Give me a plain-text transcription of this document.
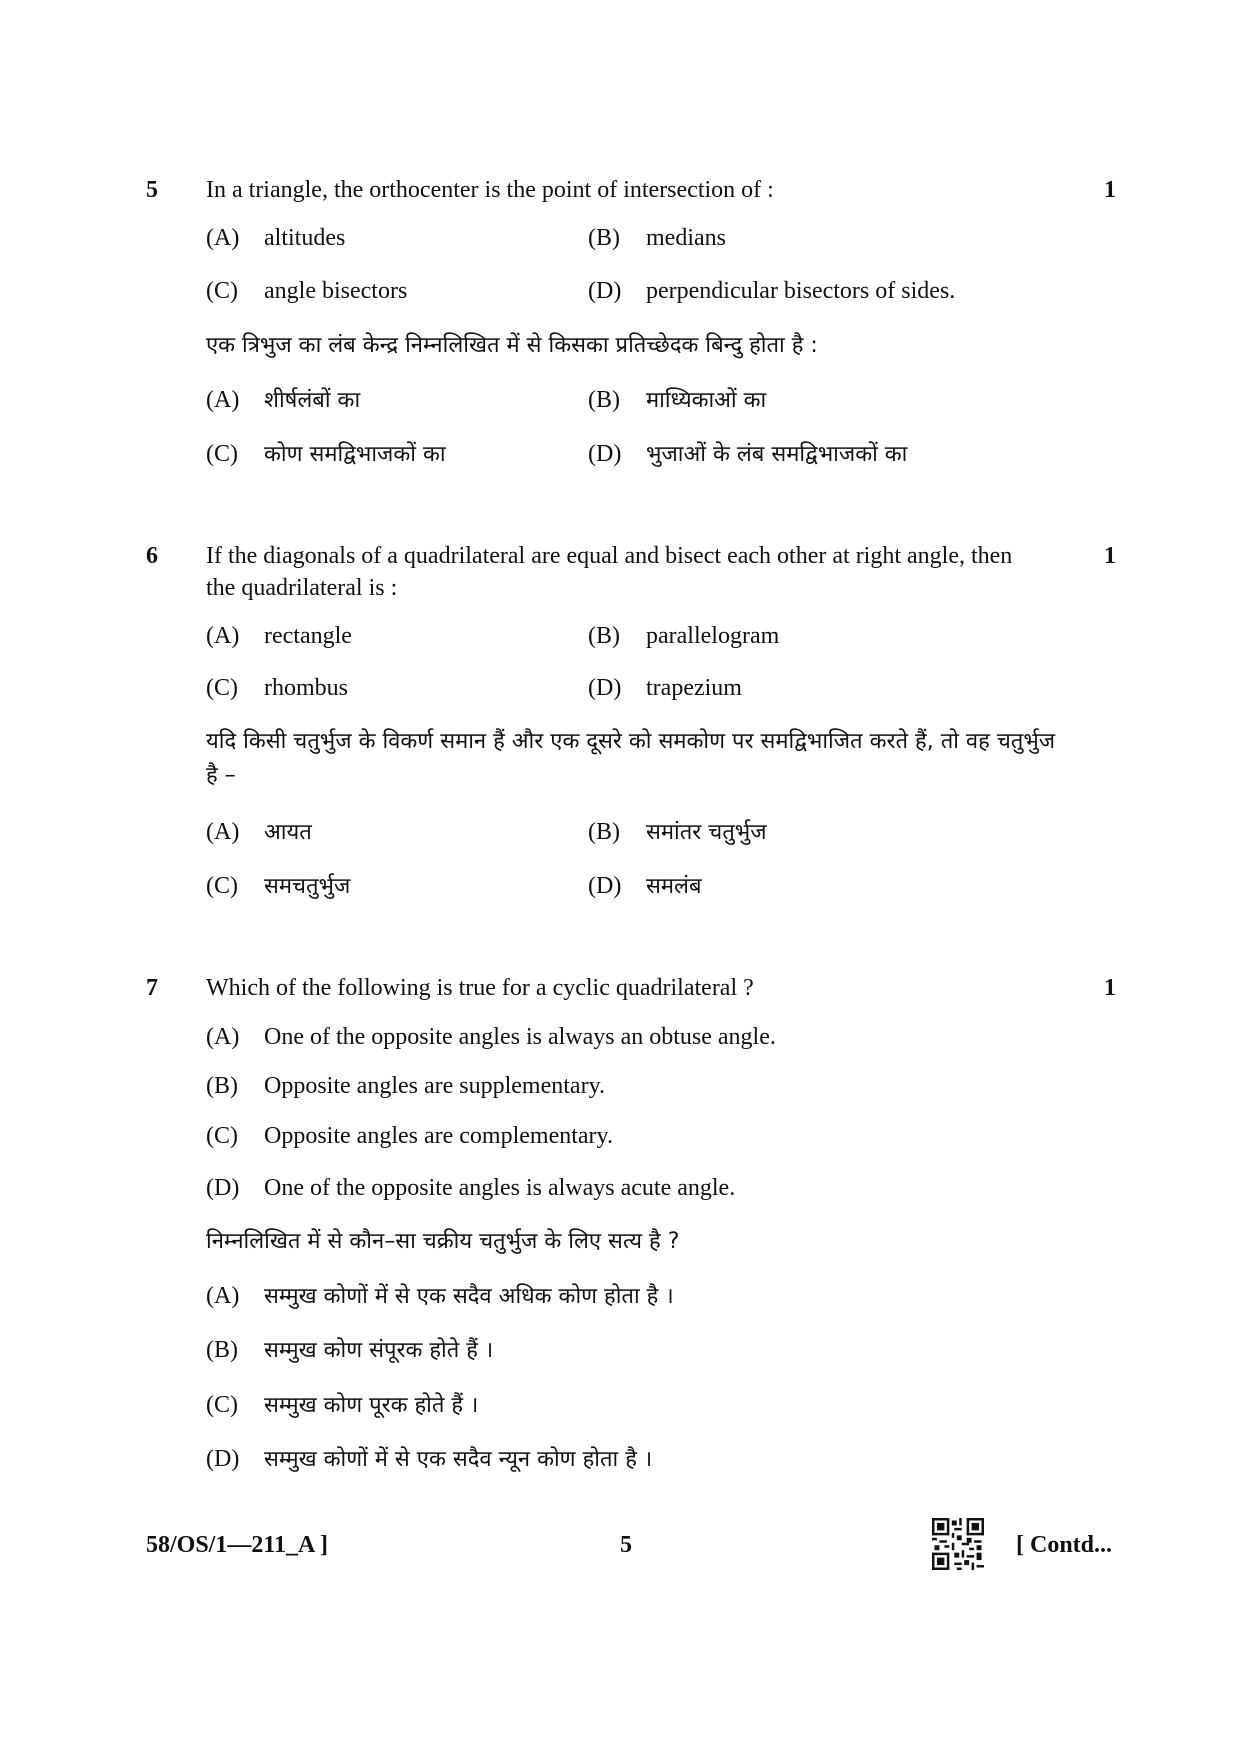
5 In a triangle, the orthocenter is the point of intersection of :	1
(A) altitudes	(B) medians
(C) angle bisectors	(D) perpendicular bisectors of sides.
एक त्रिभुज का लंब केन्द्र निम्नलिखित में से किसका प्रतिच्छेदक बिन्दु होता है :
(A) शीर्षलंबों का	(B) माध्यिकाओं का
(C) कोण समद्विभाजकों का	(D) भुजाओं के लंब समद्विभाजकों का
6 If the diagonals of a quadrilateral are equal and bisect each other at right angle, then the quadrilateral is :
1
(A) rectangle	(B) parallelogram
(C) rhombus	(D) trapezium
यदि किसी चतुर्भुज के विकर्ण समान हैं और एक दूसरे को समकोण पर समद्विभाजित करते हैं, तो वह चतुर्भुज है –
(A) आयत	(B) समांतर चतुर्भुज
(C) समचतुर्भुज	(D) समलंब
7 Which of the following is true for a cyclic quadrilateral ?	1
(A) One of the opposite angles is always an obtuse angle.
(B) Opposite angles are supplementary.
(C) Opposite angles are complementary.
(D) One of the opposite angles is always acute angle.
निम्नलिखित में से कौन–सा चक्रीय चतुर्भुज के लिए सत्य है ?
(A) सम्मुख कोणों में से एक सदैव अधिक कोण होता है ।
(B) सम्मुख कोण संपूरक होते हैं ।
(C) सम्मुख कोण पूरक होते हैं ।
(D) सम्मुख कोणों में से एक सदैव न्यून कोण होता है ।
58/OS/1—211_A ]	5	[ Contd...
